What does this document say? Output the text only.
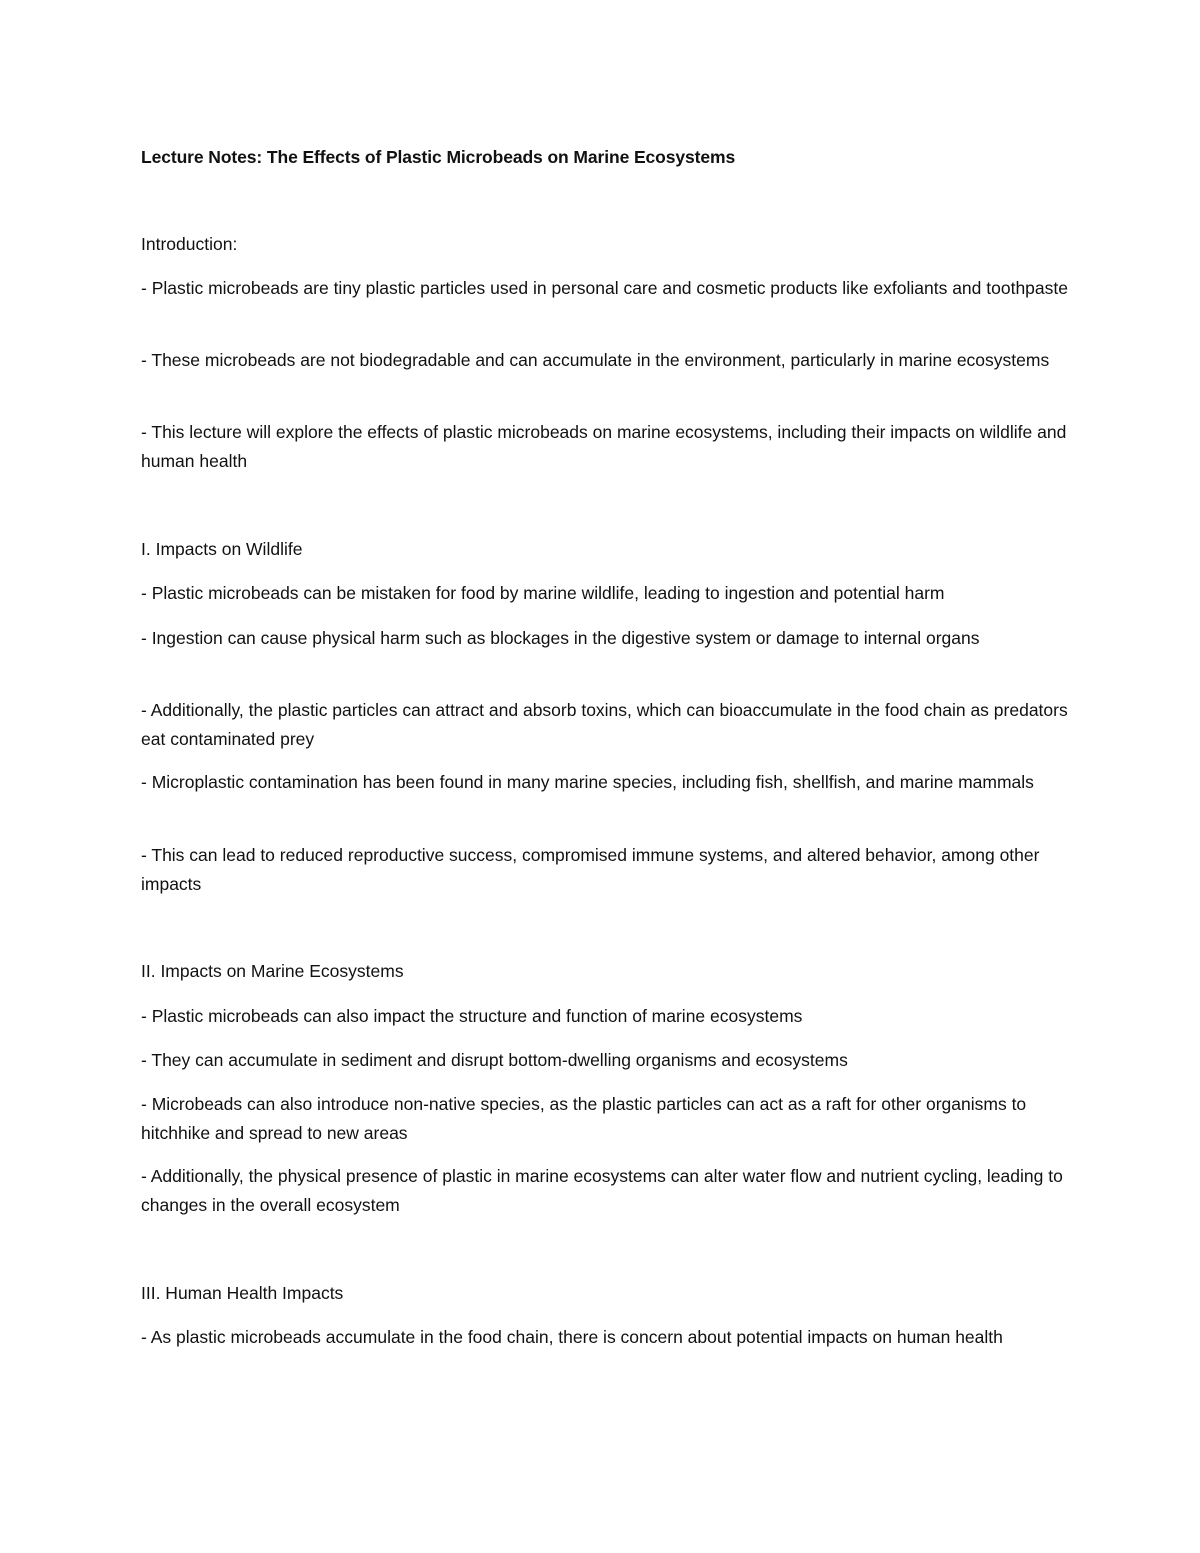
Lecture Notes: The Effects of Plastic Microbeads on Marine Ecosystems
Introduction:
- Plastic microbeads are tiny plastic particles used in personal care and cosmetic products like exfoliants and toothpaste
- These microbeads are not biodegradable and can accumulate in the environment, particularly in marine ecosystems
- This lecture will explore the effects of plastic microbeads on marine ecosystems, including their impacts on wildlife and human health
I. Impacts on Wildlife
- Plastic microbeads can be mistaken for food by marine wildlife, leading to ingestion and potential harm
- Ingestion can cause physical harm such as blockages in the digestive system or damage to internal organs
- Additionally, the plastic particles can attract and absorb toxins, which can bioaccumulate in the food chain as predators eat contaminated prey
- Microplastic contamination has been found in many marine species, including fish, shellfish, and marine mammals
- This can lead to reduced reproductive success, compromised immune systems, and altered behavior, among other impacts
II. Impacts on Marine Ecosystems
- Plastic microbeads can also impact the structure and function of marine ecosystems
- They can accumulate in sediment and disrupt bottom-dwelling organisms and ecosystems
- Microbeads can also introduce non-native species, as the plastic particles can act as a raft for other organisms to hitchhike and spread to new areas
- Additionally, the physical presence of plastic in marine ecosystems can alter water flow and nutrient cycling, leading to changes in the overall ecosystem
III. Human Health Impacts
- As plastic microbeads accumulate in the food chain, there is concern about potential impacts on human health
